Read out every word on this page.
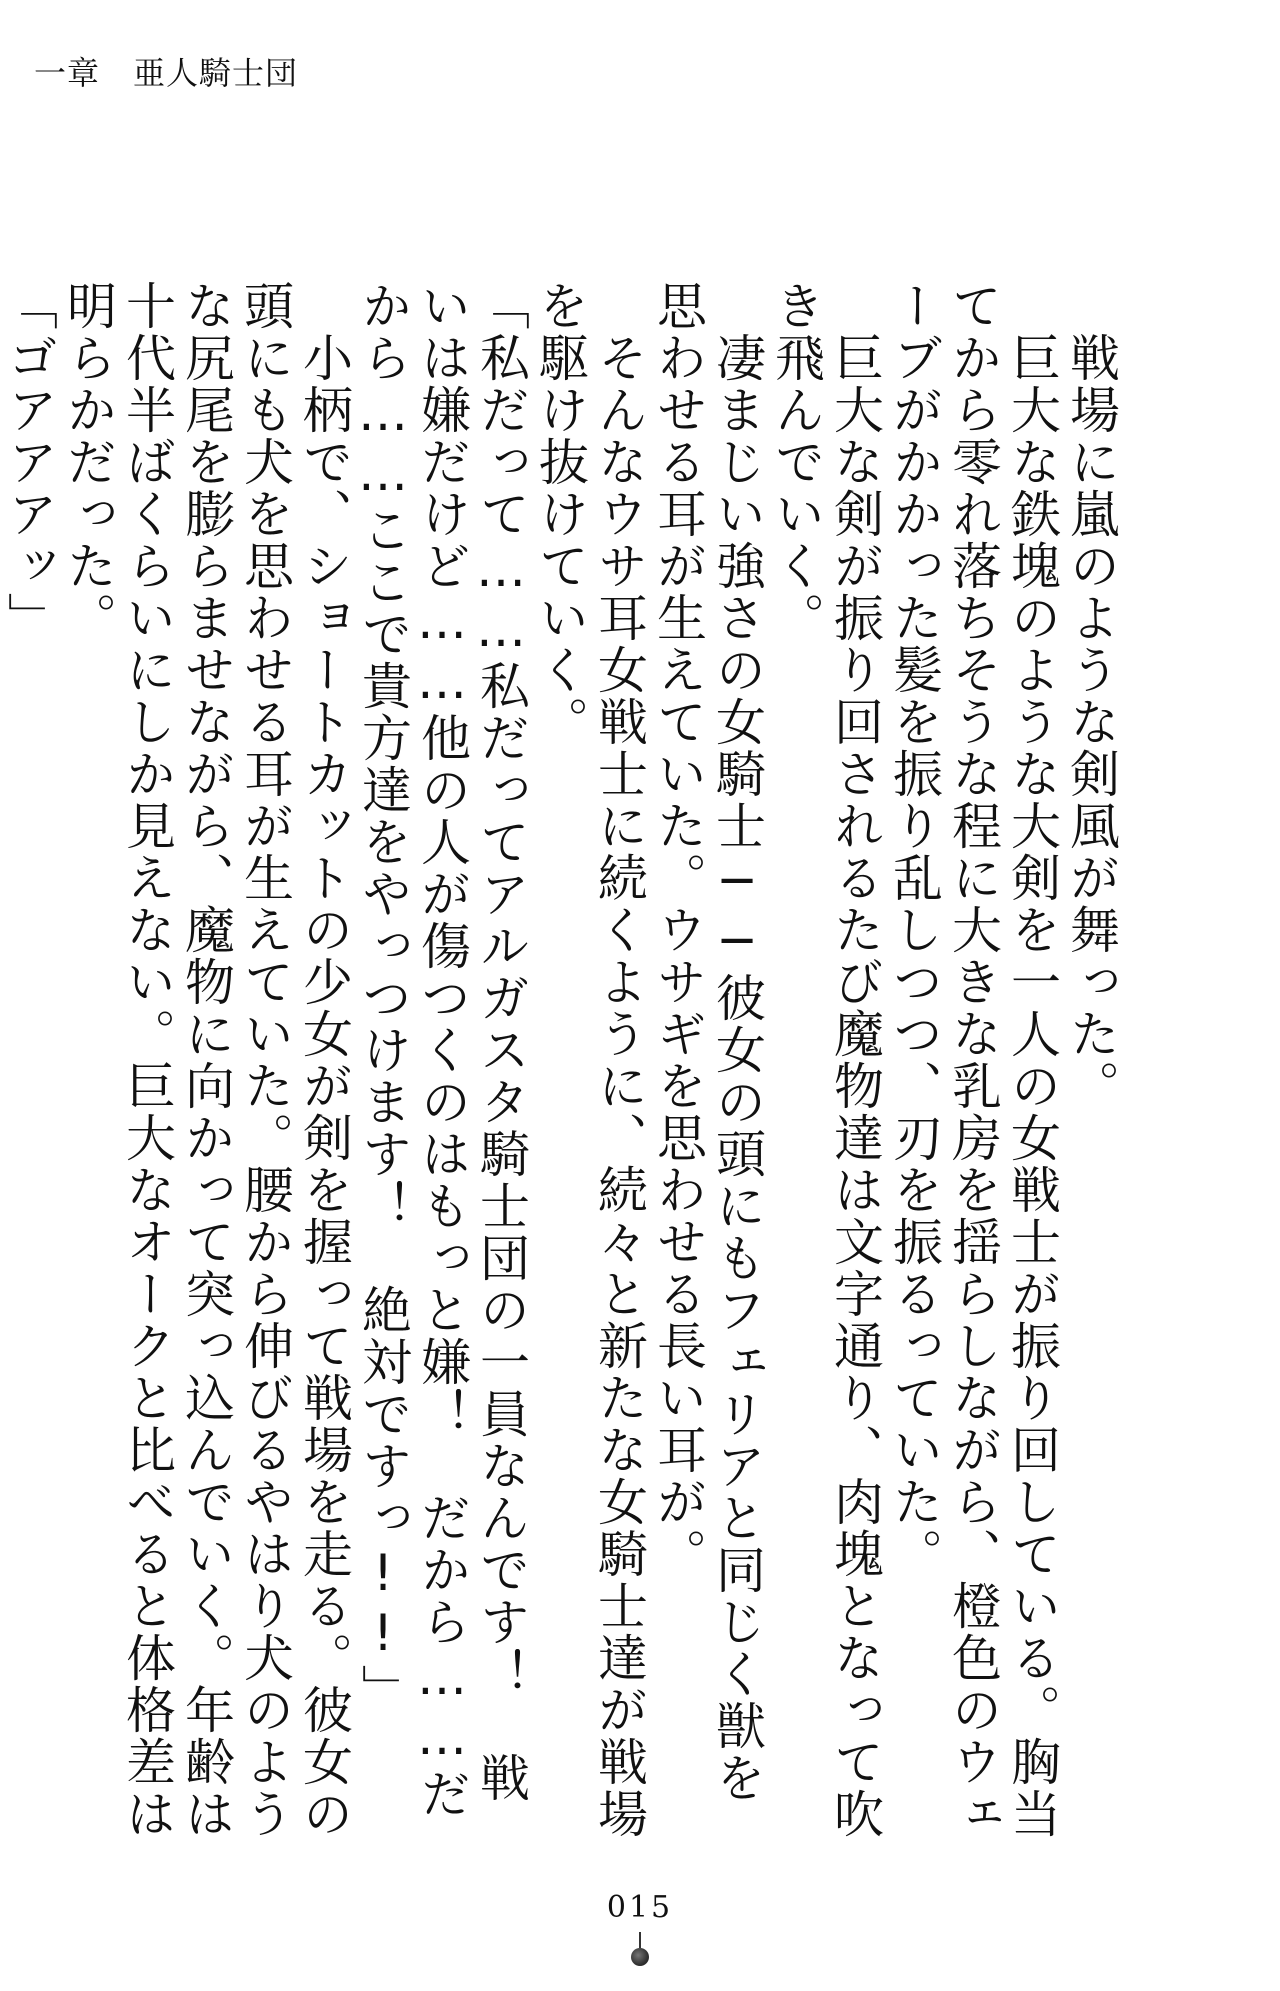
一章　亜人騎士団

　戦場に嵐のような剣風が舞った。

　巨大な鉄塊のような大剣を一人の女戦士が振り回している。胸当てから零れ落ちそうな程に大きな乳房を揺らしながら、橙色のウェーブがかかった髪を振り乱しつつ、刃を振るっていた。

　巨大な剣が振り回されるたび魔物達は文字通り、肉塊となって吹き飛んでいく。

　凄まじい強さの女騎士──彼女の頭にもフェリアと同じく獣を思わせる耳が生えていた。ウサギを思わせる長い耳が。

　そんなウサ耳女戦士に続くように、続々と新たな女騎士達が戦場を駆け抜けていく。

「私だって……私だってアルガスタ騎士団の一員なんです！　戦いは嫌だけど……他の人が傷つくのはもっと嫌！　だから……だから……ここで貴方達をやっつけます！　絶対ですっ!!」

　小柄で、ショートカットの少女が剣を握って戦場を走る。彼女の頭にも犬を思わせる耳が生えていた。腰から伸びるやはり犬のような尻尾を膨らませながら、魔物に向かって突っ込んでいく。年齢は十代半ばくらいにしか見えない。巨大なオークと比べると体格差は明らかだった。

「ゴアアアッ」

015
